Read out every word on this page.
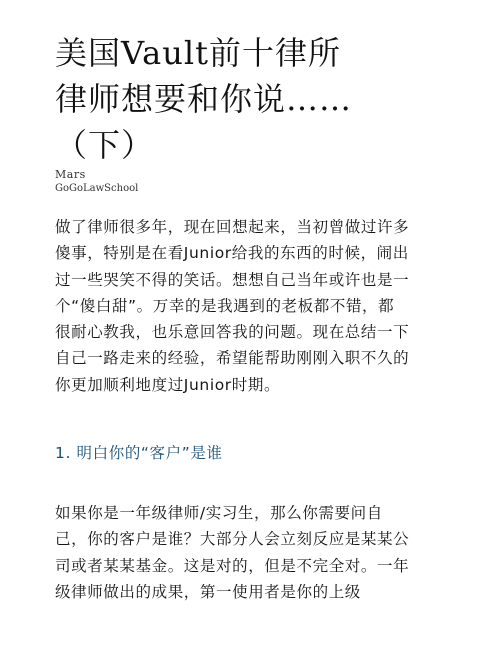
美国Vault前十律所
律师想要和你说……
（下）
Mars
GoGoLawSchool

做了律师很多年，现在回想起来，当初曾做过许多
傻事，特别是在看Junior给我的东西的时候，闹出
过一些哭笑不得的笑话。想想自己当年或许也是一
个“傻白甜”。万幸的是我遇到的老板都不错，都
很耐心教我，也乐意回答我的问题。现在总结一下
自己一路走来的经验，希望能帮助刚刚入职不久的
你更加顺利地度过Junior时期。

1. 明白你的“客户”是谁

如果你是一年级律师/实习生，那么你需要问自
己，你的客户是谁？大部分人会立刻反应是某某公
司或者某某基金。这是对的，但是不完全对。一年
级律师做出的成果，第一使用者是你的上级
